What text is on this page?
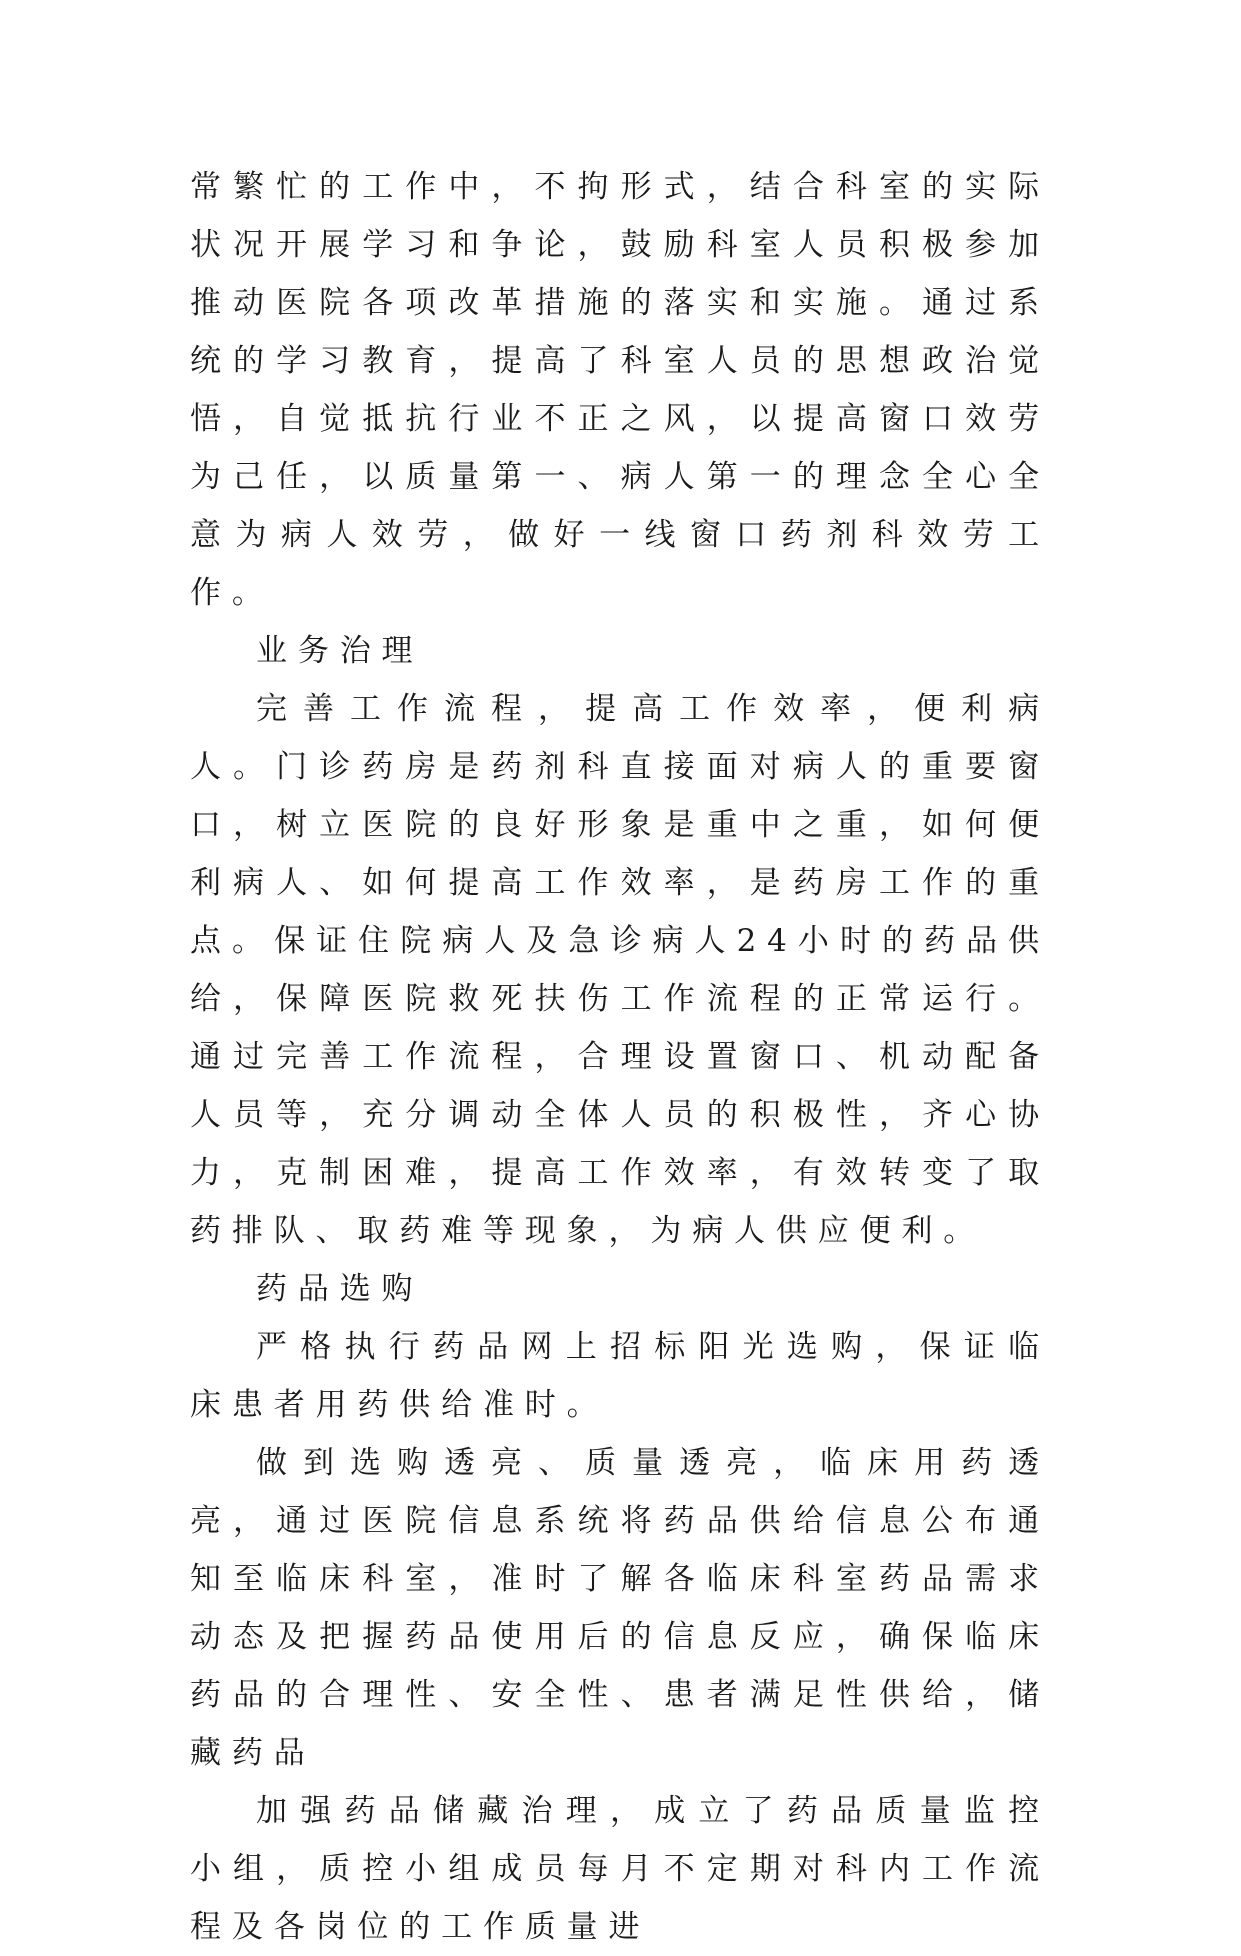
常繁忙的工作中，不拘形式，结合科室的实际状况开展学习和争论，鼓励科室人员积极参加推动医院各项改革措施的落实和实施。通过系统的学习教育，提高了科室人员的思想政治觉悟，自觉抵抗行业不正之风，以提高窗口效劳为己任，以质量第一、病人第一的理念全心全意为病人效劳，做好一线窗口药剂科效劳工作。

业务治理

完善工作流程，提高工作效率，便利病人。门诊药房是药剂科直接面对病人的重要窗口，树立医院的良好形象是重中之重，如何便利病人、如何提高工作效率，是药房工作的重点。保证住院病人及急诊病人24小时的药品供给，保障医院救死扶伤工作流程的正常运行。通过完善工作流程，合理设置窗口、机动配备人员等，充分调动全体人员的积极性，齐心协力，克制困难，提高工作效率，有效转变了取药排队、取药难等现象，为病人供应便利。

药品选购

严格执行药品网上招标阳光选购，保证临床患者用药供给准时。

做到选购透亮、质量透亮，临床用药透亮，通过医院信息系统将药品供给信息公布通知至临床科室，准时了解各临床科室药品需求动态及把握药品使用后的信息反应，确保临床药品的合理性、安全性、患者满足性供给，储藏药品

加强药品储藏治理，成立了药品质量监控小组，质控小组成员每月不定期对科内工作流程及各岗位的工作质量进
